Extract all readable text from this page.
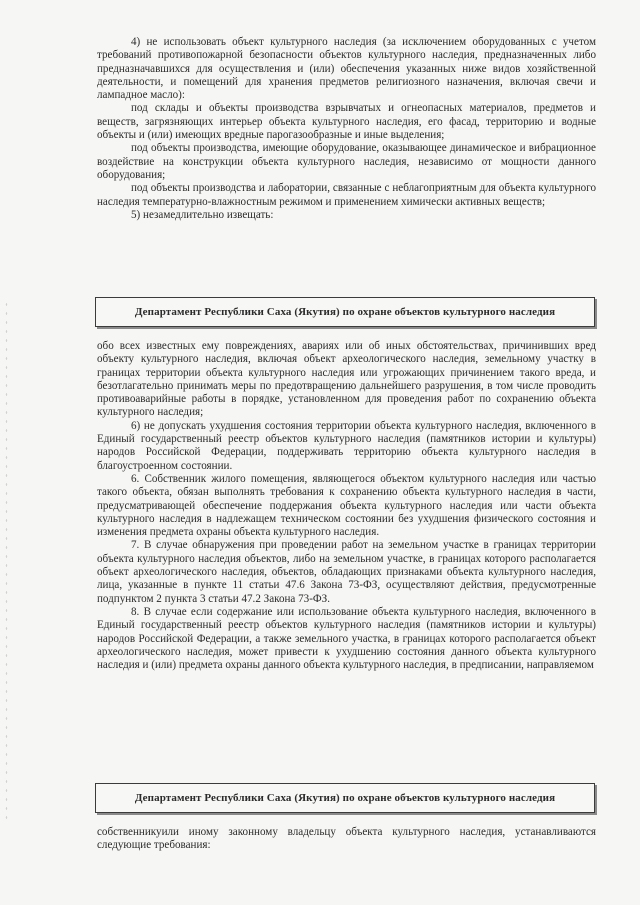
4) не использовать объект культурного наследия (за исключением оборудованных с учетом требований противопожарной безопасности объектов культурного наследия, предназначенных либо предназначавшихся для осуществления и (или) обеспечения указанных ниже видов хозяйственной деятельности, и помещений для хранения предметов религиозного назначения, включая свечи и лампадное масло):

под склады и объекты производства взрывчатых и огнеопасных материалов, предметов и веществ, загрязняющих интерьер объекта культурного наследия, его фасад, территорию и водные объекты и (или) имеющих вредные парогазообразные и иные выделения;

под объекты производства, имеющие оборудование, оказывающее динамическое и вибрационное воздействие на конструкции объекта культурного наследия, независимо от мощности данного оборудования;

под объекты производства и лаборатории, связанные с неблагоприятным для объекта культурного наследия температурно-влажностным режимом и применением химически активных веществ;

5) незамедлительно извещать:

Департамент Республики Саха (Якутия) по охране объектов культурного наследия

обо всех известных ему повреждениях, авариях или об иных обстоятельствах, причинивших вред объекту культурного наследия, включая объект археологического наследия, земельному участку в границах территории объекта культурного наследия или угрожающих причинением такого вреда, и безотлагательно принимать меры по предотвращению дальнейшего разрушения, в том числе проводить противоаварийные работы в порядке, установленном для проведения работ по сохранению объекта культурного наследия;

6) не допускать ухудшения состояния территории объекта культурного наследия, включенного в Единый государственный реестр объектов культурного наследия (памятников истории и культуры) народов Российской Федерации, поддерживать территорию объекта культурного наследия в благоустроенном состоянии.

6. Собственник жилого помещения, являющегося объектом культурного наследия или частью такого объекта, обязан выполнять требования к сохранению объекта культурного наследия в части, предусматривающей обеспечение поддержания объекта культурного наследия или части объекта культурного наследия в надлежащем техническом состоянии без ухудшения физического состояния и изменения предмета охраны объекта культурного наследия.

7. В случае обнаружения при проведении работ на земельном участке в границах территории объекта культурного наследия объектов, либо на земельном участке, в границах которого располагается объект археологического наследия, объектов, обладающих признаками объекта культурного наследия, лица, указанные в пункте 11 статьи 47.6 Закона 73-ФЗ, осуществляют действия, предусмотренные подпунктом 2 пункта 3 статьи 47.2 Закона 73-ФЗ.

8. В случае если содержание или использование объекта культурного наследия, включенного в Единый государственный реестр объектов культурного наследия (памятников истории и культуры) народов Российской Федерации, а также земельного участка, в границах которого располагается объект археологического наследия, может привести к ухудшению состояния данного объекта культурного наследия и (или) предмета охраны данного объекта культурного наследия, в предписании, направляемом

Департамент Республики Саха (Якутия) по охране объектов культурного наследия

собственникуили иному законному владельцу объекта культурного наследия, устанавливаются следующие требования:
